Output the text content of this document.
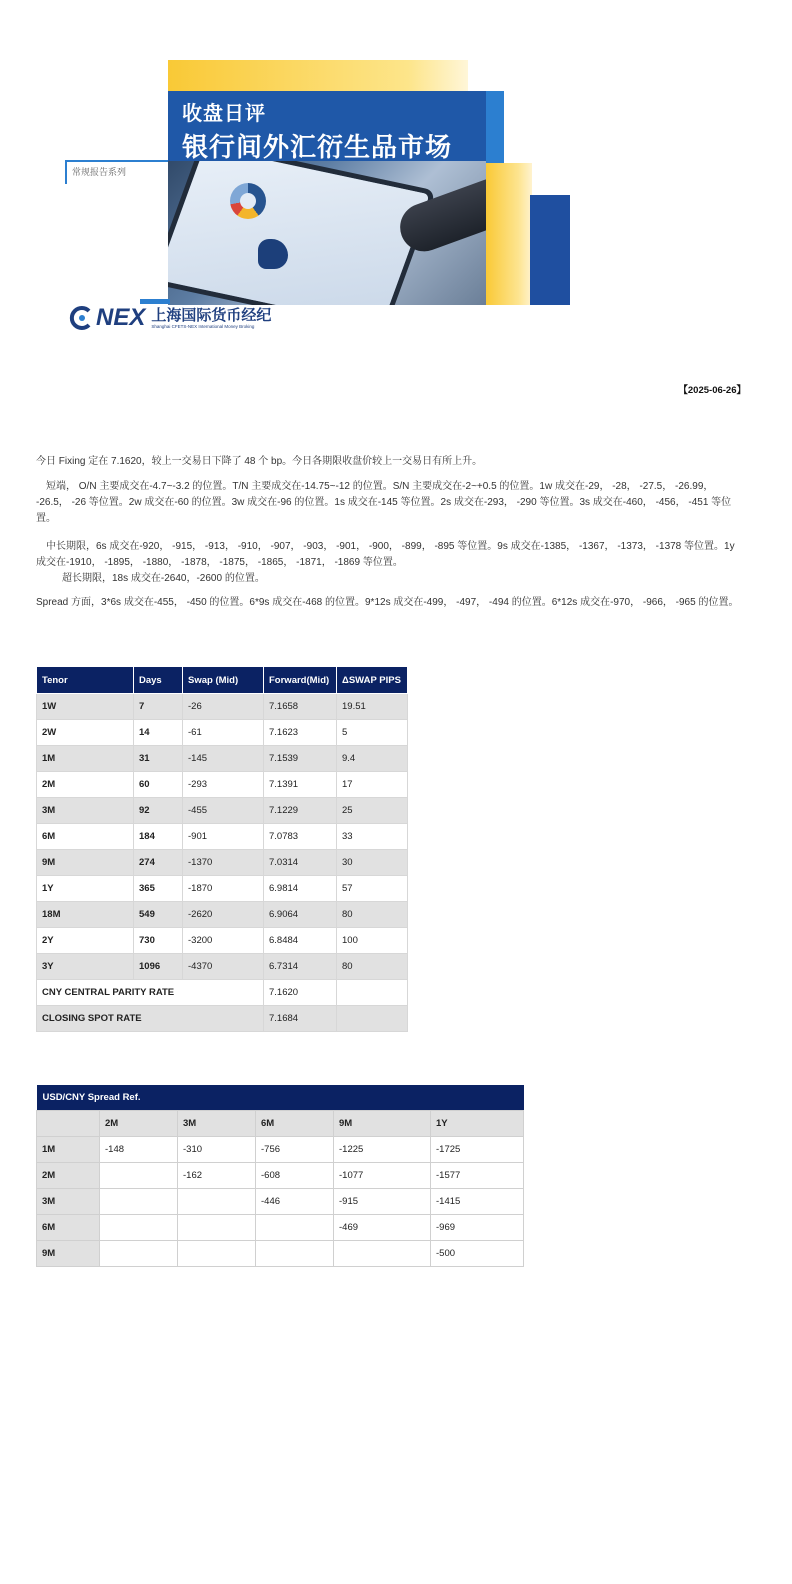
常规报告系列
收盘日评
银行间外汇衍生品市场
NEX 上海国际货币经纪
Shanghai CFETS-NEX International Money Broking
【2025-06-26】

今日 Fixing 定在 7.1620，较上一交易日下降了 48 个 bp。今日各期限收盘价较上一交易日有所上升。

短端， O/N 主要成交在-4.7~-3.2 的位置。T/N 主要成交在-14.75~-12 的位置。S/N 主要成交在-2~+0.5 的位置。1w 成交在-29， -28， -27.5， -26.99， -26.5， -26 等位置。2w 成交在-60 的位置。3w 成交在-96 的位置。1s 成交在-145 等位置。2s 成交在-293， -290 等位置。3s 成交在-460， -456， -451 等位置。

中长期限，6s 成交在-920， -915， -913， -910， -907， -903， -901， -900， -899， -895 等位置。9s 成交在-1385， -1367， -1373， -1378 等位置。1y 成交在-1910， -1895， -1880， -1878， -1875， -1865， -1871， -1869 等位置。
超长期限，18s 成交在-2640，-2600 的位置。

Spread 方面，3*6s 成交在-455， -450 的位置。6*9s 成交在-468 的位置。9*12s 成交在-499， -497， -494 的位置。6*12s 成交在-970， -966， -965 的位置。

Tenor	Days	Swap (Mid)	Forward(Mid)	ΔSWAP PIPS
1W	7	-26	7.1658	19.51
2W	14	-61	7.1623	5
1M	31	-145	7.1539	9.4
2M	60	-293	7.1391	17
3M	92	-455	7.1229	25
6M	184	-901	7.0783	33
9M	274	-1370	7.0314	30
1Y	365	-1870	6.9814	57
18M	549	-2620	6.9064	80
2Y	730	-3200	6.8484	100
3Y	1096	-4370	6.7314	80
CNY CENTRAL PARITY RATE			7.1620	
CLOSING SPOT RATE			7.1684	
USD/CNY Spread Ref.					
	2M	3M	6M	9M	1Y
1M	-148	-310	-756	-1225	-1725
2M		-162	-608	-1077	-1577
3M			-446	-915	-1415
6M				-469	-969
9M					-500
